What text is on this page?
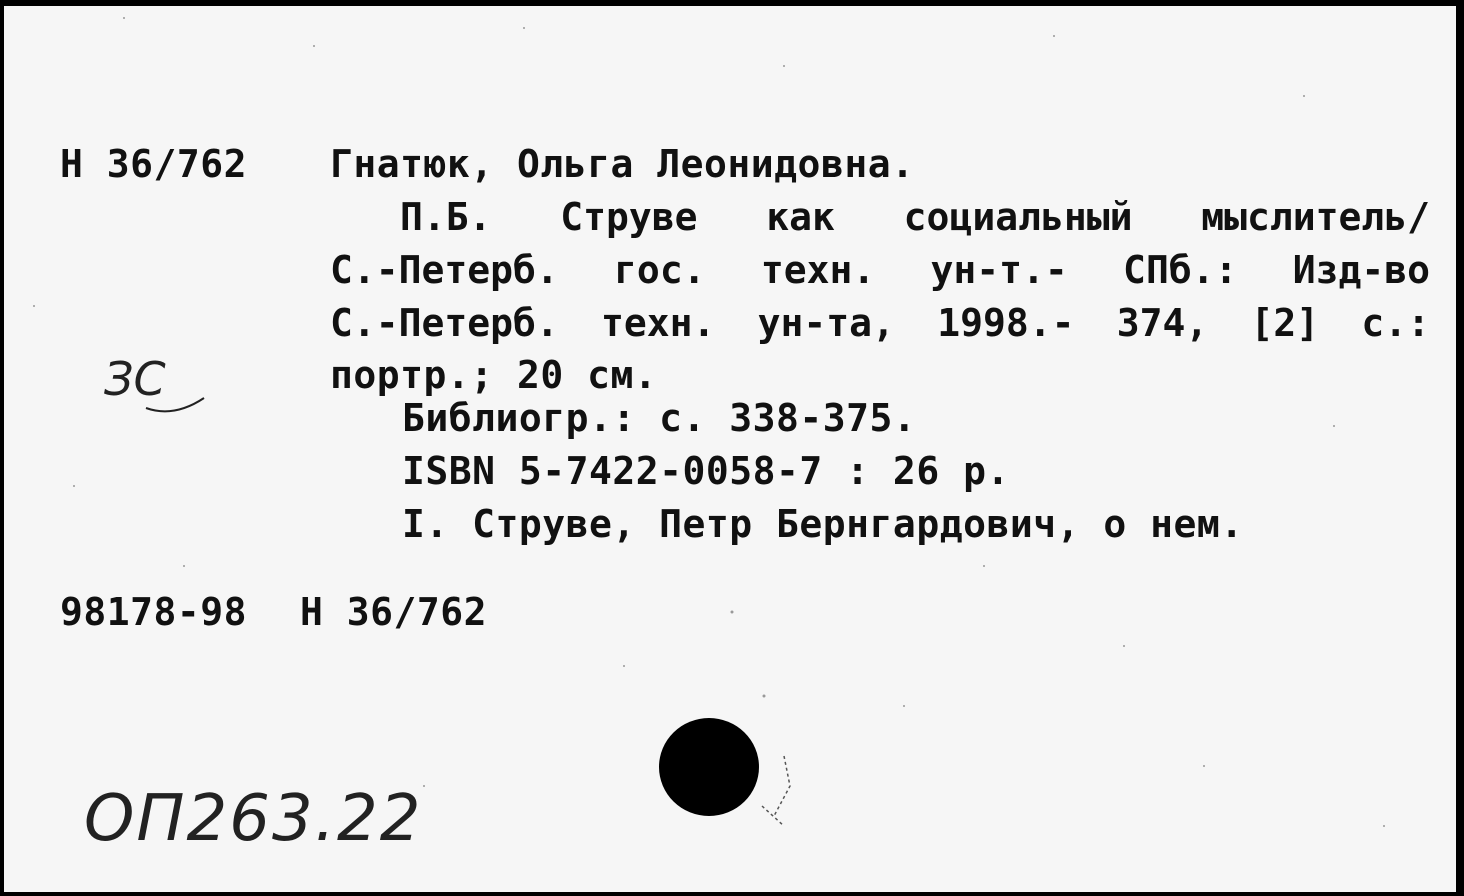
Н 36/762 Гнатюк, Ольга Леонидовна.
П.Б. Струве как социальный мыслитель/
С.-Петерб. гос. техн. ун-т.- СПб.: Изд-во
С.-Петерб. техн. ун-та, 1998.- 374, [2] с.:
портр.; 20 см.
Библиогр.: с. 338-375.
ISBN 5-7422-0058-7 : 26 р.
I. Струве, Петр Бернгардович, о нем.
98178-98 Н 36/762
ЗС
ОП263.22
